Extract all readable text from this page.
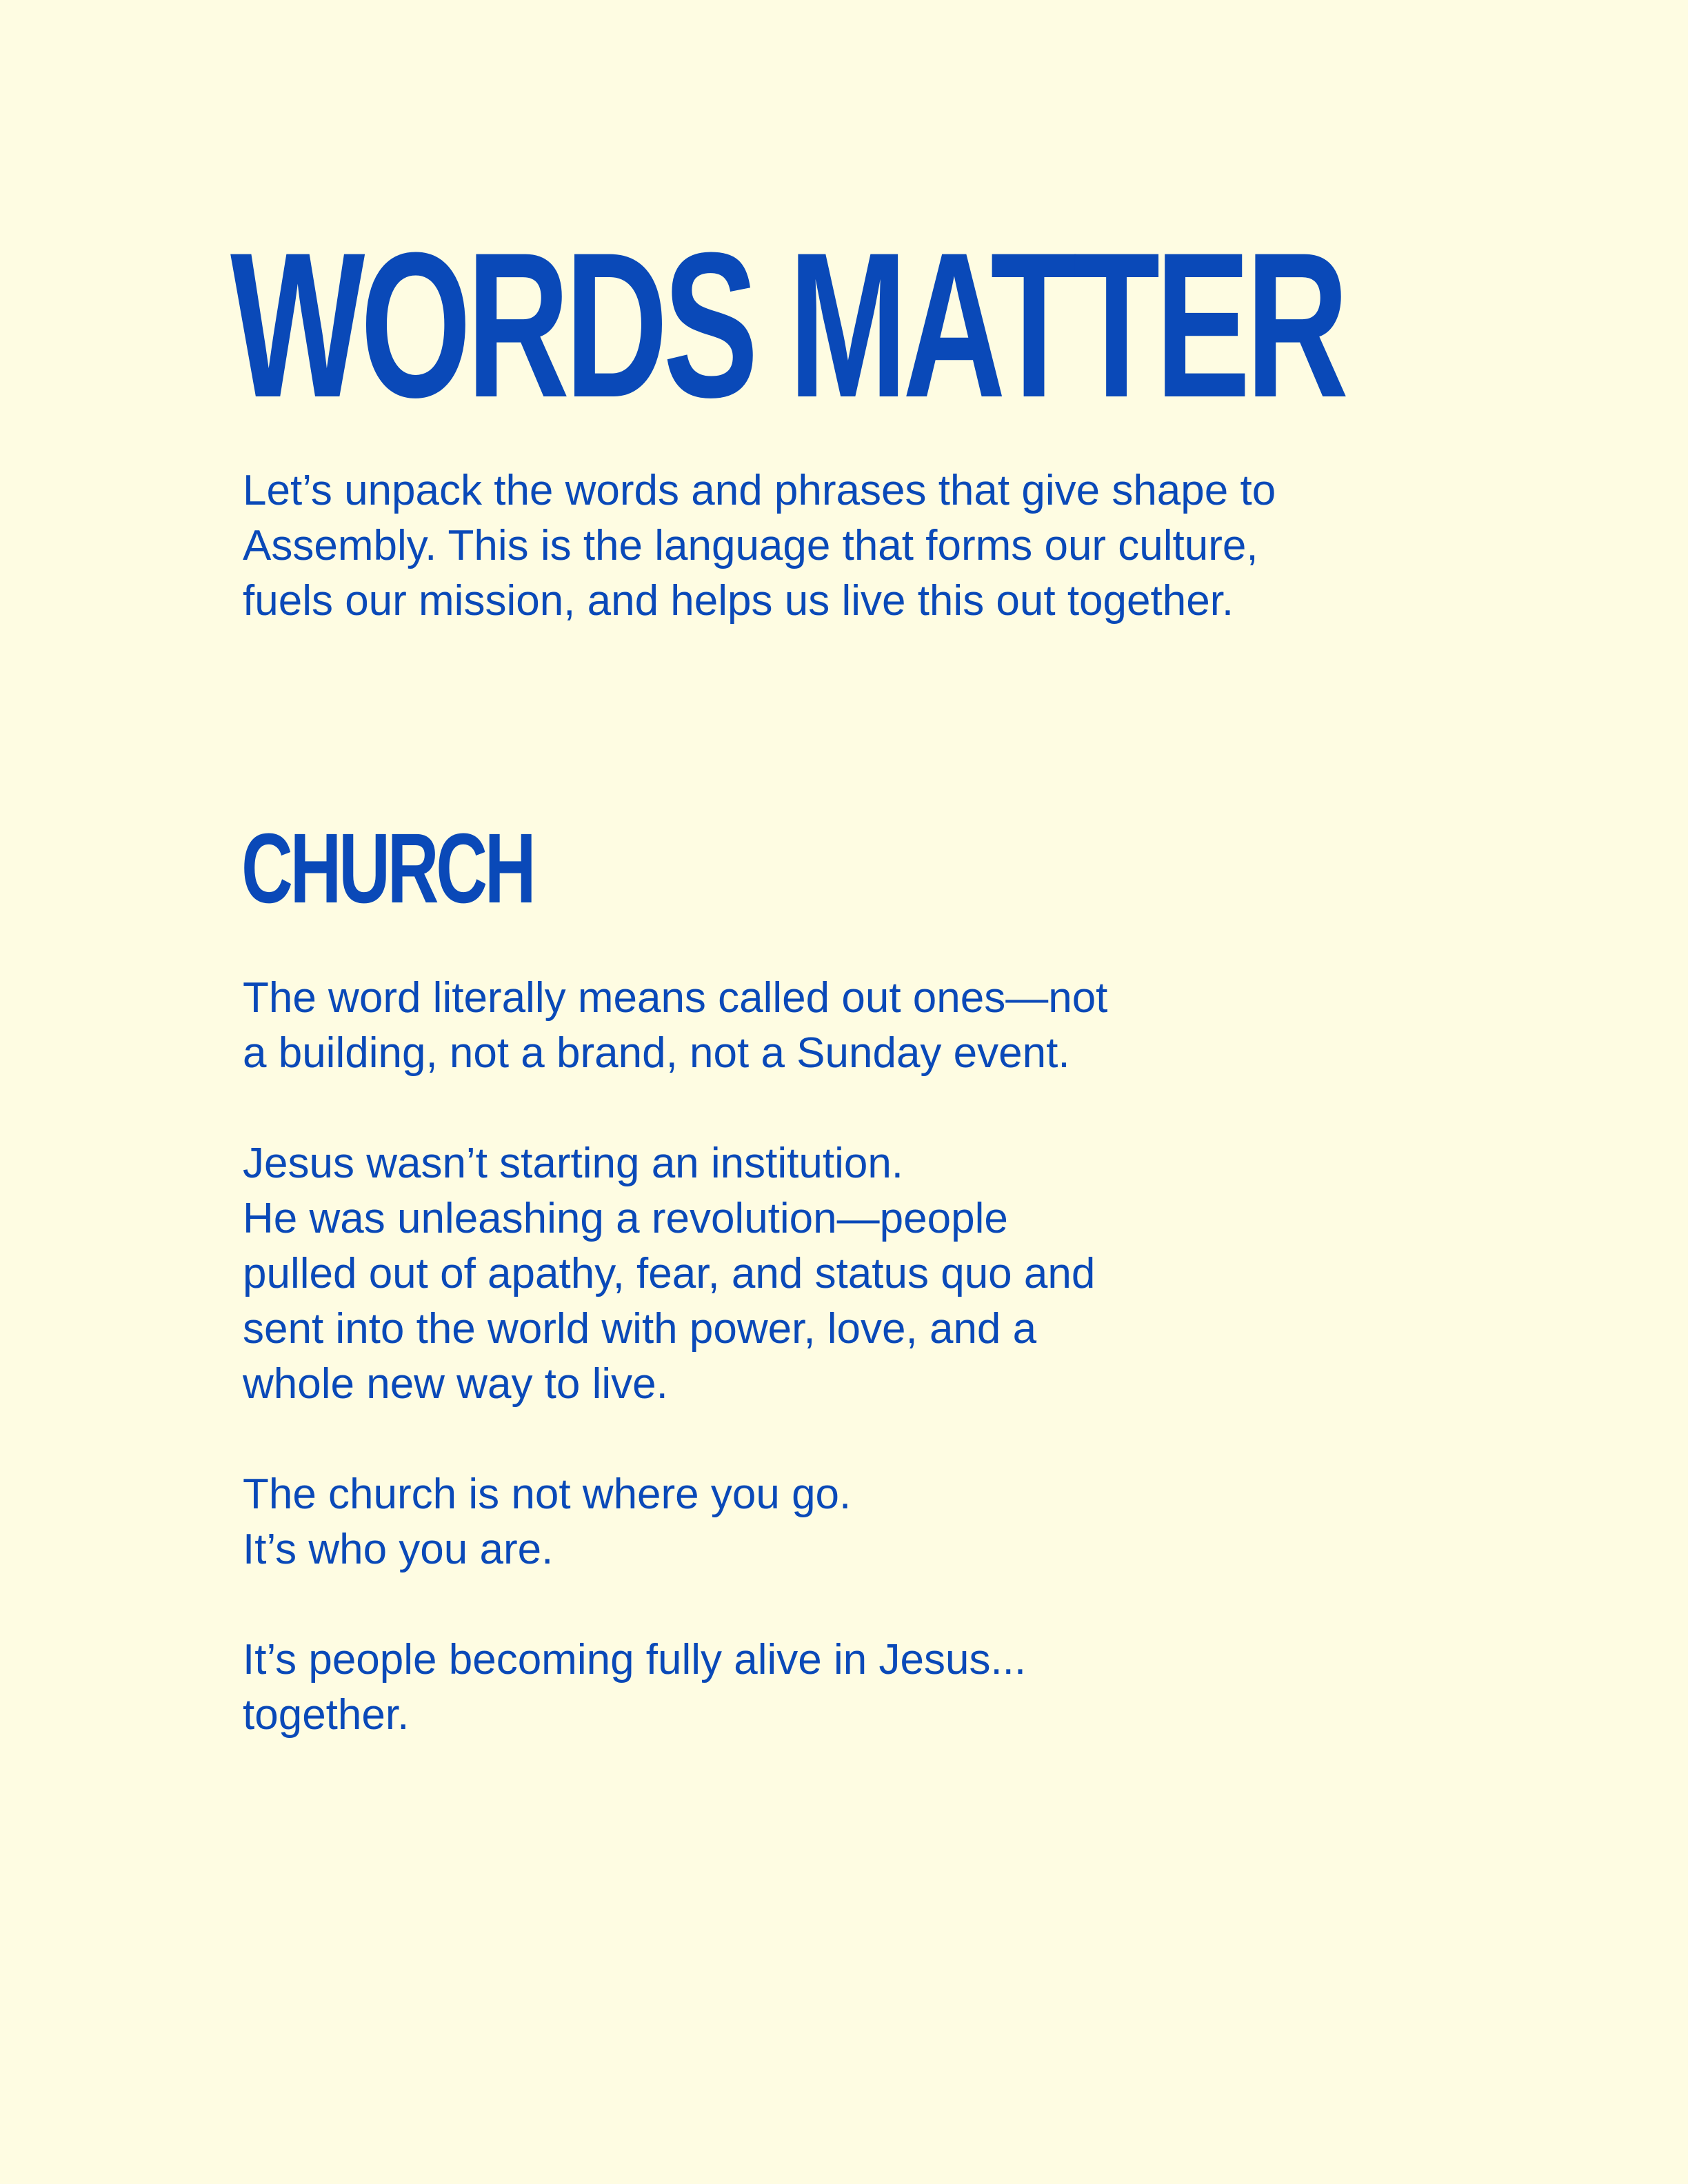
WORDS MATTER

Let’s unpack the words and phrases that give shape to
Assembly. This is the language that forms our culture,
fuels our mission, and helps us live this out together.

CHURCH

The word literally means called out ones—not
a building, not a brand, not a Sunday event.

Jesus wasn’t starting an institution.
He was unleashing a revolution—people
pulled out of apathy, fear, and status quo and
sent into the world with power, love, and a
whole new way to live.

The church is not where you go.
It’s who you are.

It’s people becoming fully alive in Jesus...
together.
